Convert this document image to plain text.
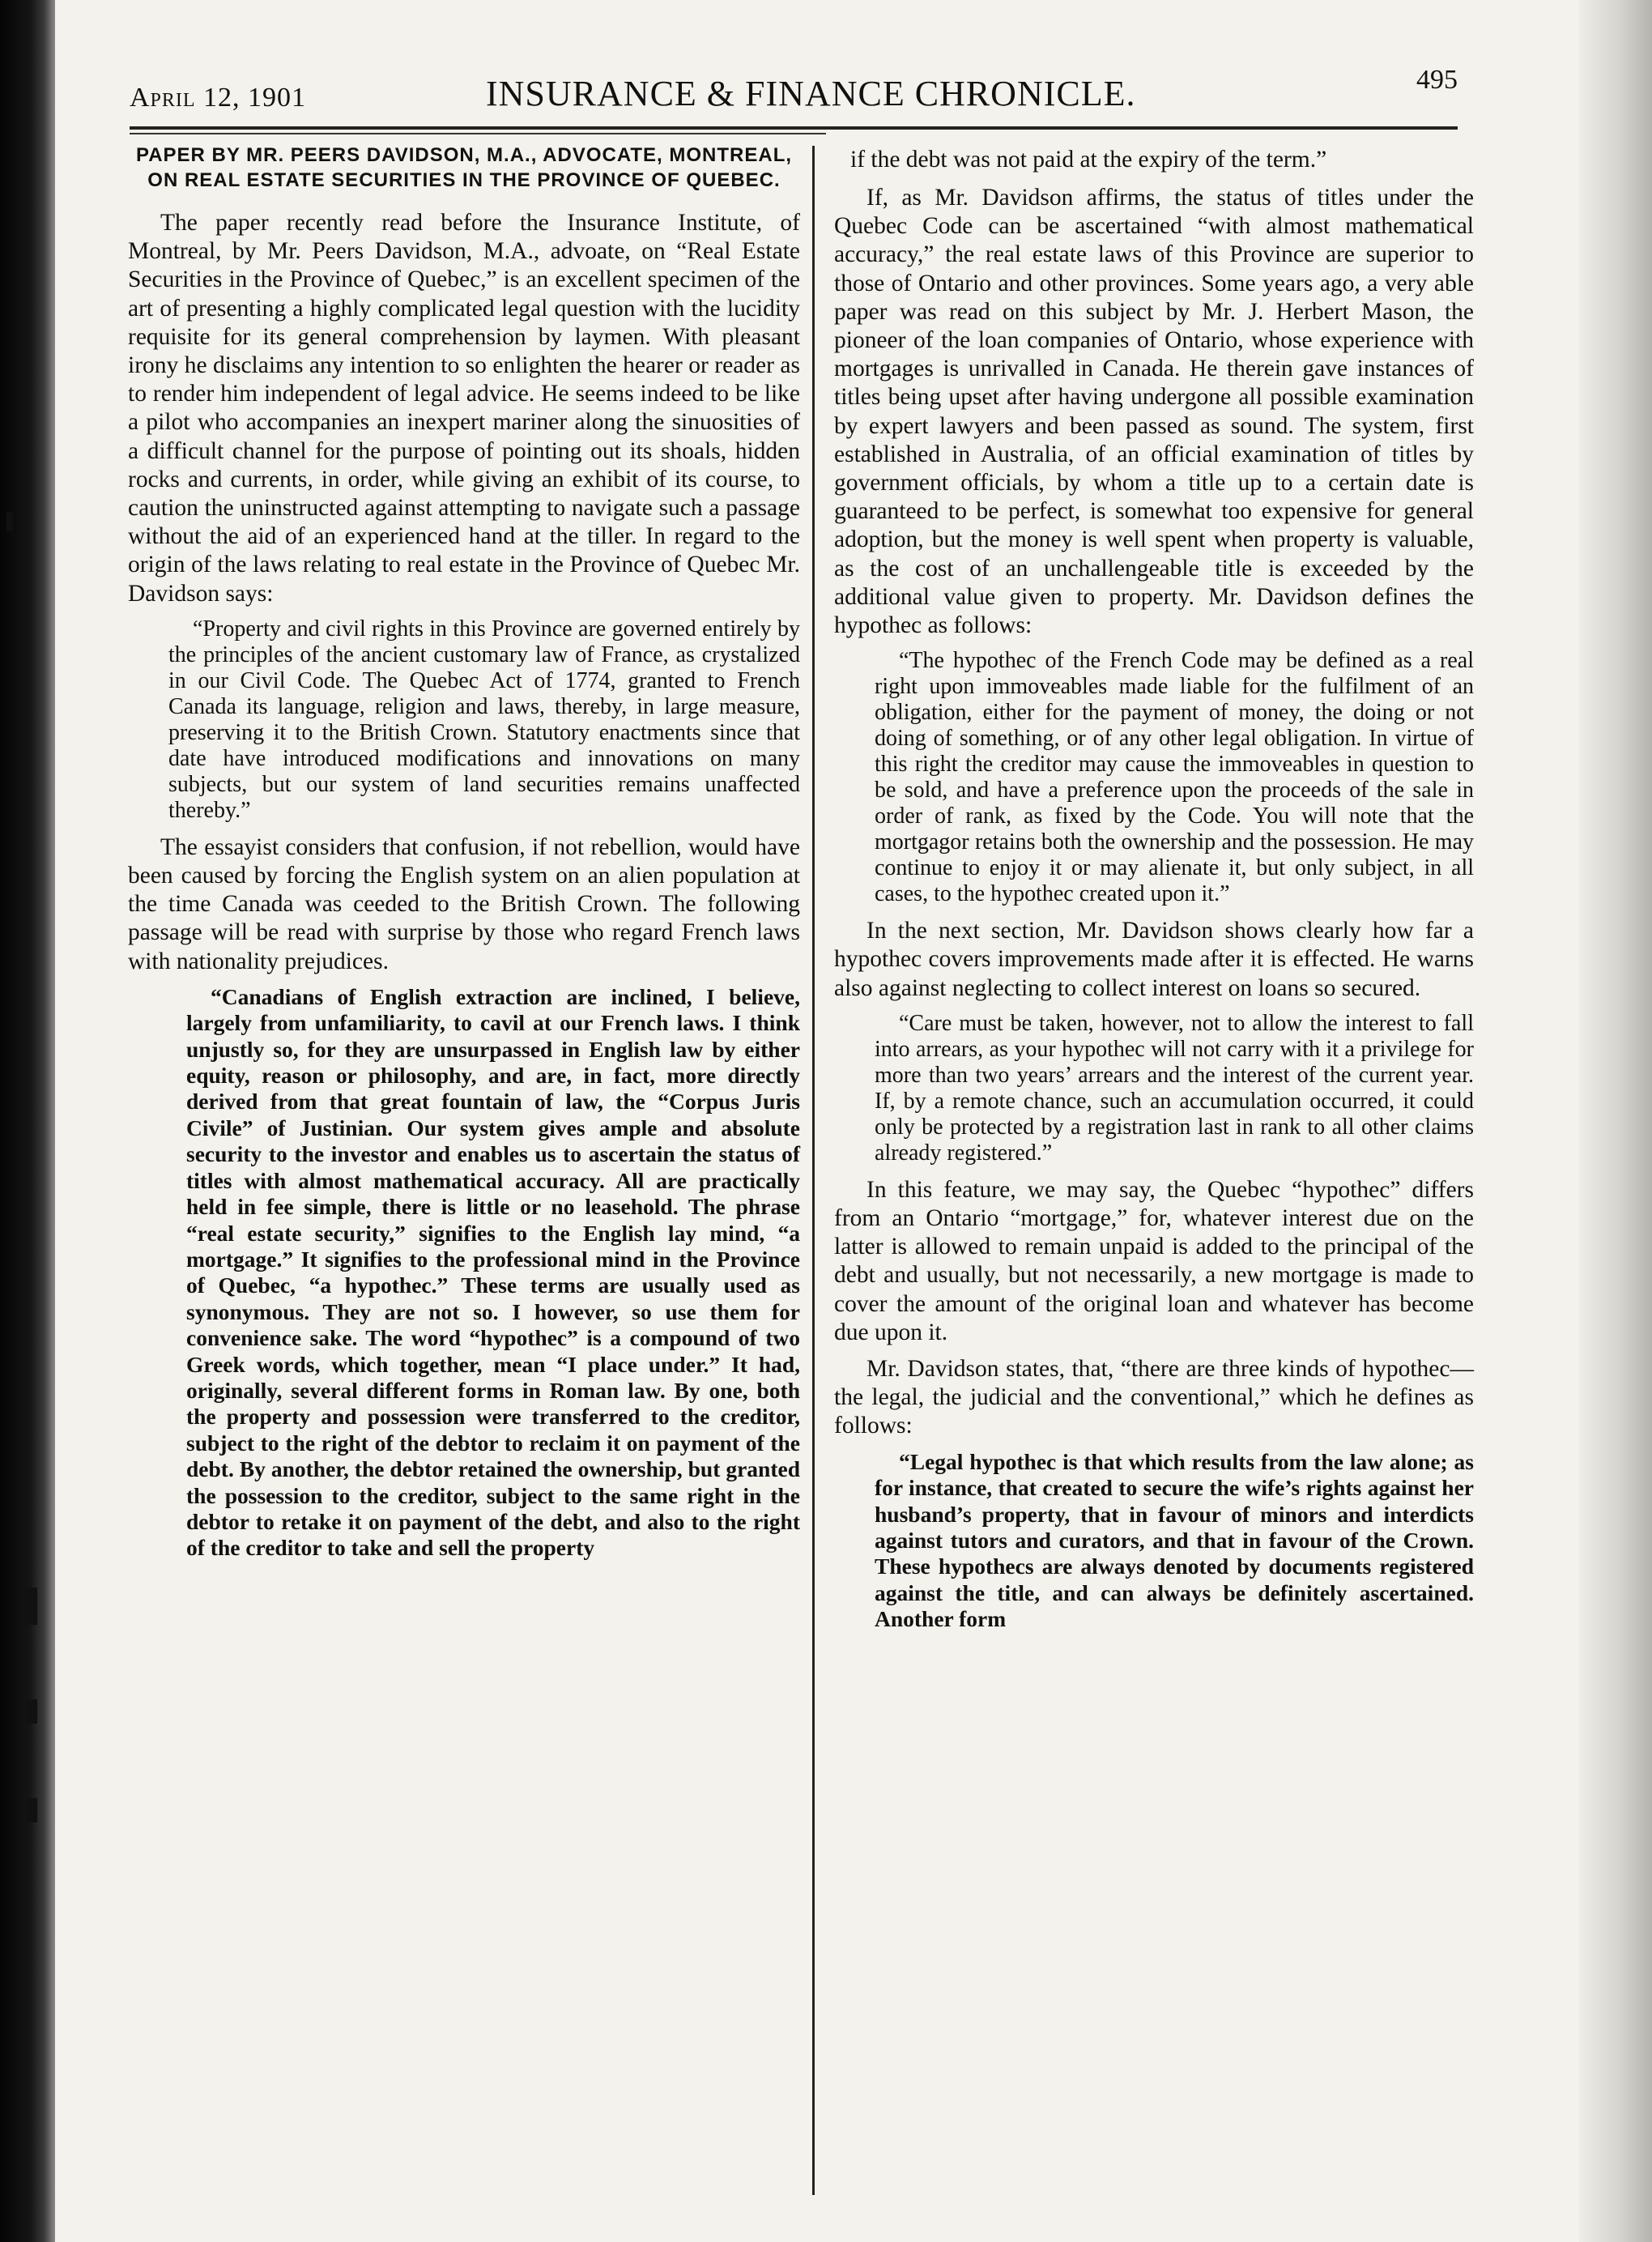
April 12, 1901	INSURANCE & FINANCE CHRONICLE.	495
PAPER BY MR. PEERS DAVIDSON, M.A., ADVOCATE, MONTREAL, ON REAL ESTATE SECURITIES IN THE PROVINCE OF QUEBEC.

The paper recently read before the Insurance Institute, of Montreal, by Mr. Peers Davidson, M.A., advoate, on “Real Estate Securities in the Province of Quebec,” is an excellent specimen of the art of presenting a highly complicated legal question with the lucidity requisite for its general comprehension by laymen. With pleasant irony he disclaims any intention to so enlighten the hearer or reader as to render him independent of legal advice. He seems indeed to be like a pilot who accompanies an inexpert mariner along the sinuosities of a difficult channel for the purpose of pointing out its shoals, hidden rocks and currents, in order, while giving an exhibit of its course, to caution the uninstructed against attempting to navigate such a passage without the aid of an experienced hand at the tiller. In regard to the origin of the laws relating to real estate in the Province of Quebec Mr. Davidson says:

“Property and civil rights in this Province are governed entirely by the principles of the ancient customary law of France, as crystalized in our Civil Code. The Quebec Act of 1774, granted to French Canada its language, religion and laws, thereby, in large measure, preserving it to the British Crown. Statutory enactments since that date have introduced modifications and innovations on many subjects, but our system of land securities remains unaffected thereby.”

The essayist considers that confusion, if not rebellion, would have been caused by forcing the English system on an alien population at the time Canada was ceeded to the British Crown. The following passage will be read with surprise by those who regard French laws with nationality prejudices.

“Canadians of English extraction are inclined, I believe, largely from unfamiliarity, to cavil at our French laws. I think unjustly so, for they are unsurpassed in English law by either equity, reason or philosophy, and are, in fact, more directly derived from that great fountain of law, the “Corpus Juris Civile” of Justinian. Our system gives ample and absolute security to the investor and enables us to ascertain the status of titles with almost mathematical accuracy. All are practically held in fee simple, there is little or no leasehold. The phrase “real estate security,” signifies to the English lay mind, “a mortgage.” It signifies to the professional mind in the Province of Quebec, “a hypothec.” These terms are usually used as synonymous. They are not so. I however, so use them for convenience sake. The word “hypothec” is a compound of two Greek words, which together, mean “I place under.” It had, originally, several different forms in Roman law. By one, both the property and possession were transferred to the creditor, subject to the right of the debtor to reclaim it on payment of the debt. By another, the debtor retained the ownership, but granted the possession to the creditor, subject to the same right in the debtor to retake it on payment of the debt, and also to the right of the creditor to take and sell the property
if the debt was not paid at the expiry of the term.”

If, as Mr. Davidson affirms, the status of titles under the Quebec Code can be ascertained “with almost mathematical accuracy,” the real estate laws of this Province are superior to those of Ontario and other provinces. Some years ago, a very able paper was read on this subject by Mr. J. Herbert Mason, the pioneer of the loan companies of Ontario, whose experience with mortgages is unrivalled in Canada. He therein gave instances of titles being upset after having undergone all possible examination by expert lawyers and been passed as sound. The system, first established in Australia, of an official examination of titles by government officials, by whom a title up to a certain date is guaranteed to be perfect, is somewhat too expensive for general adoption, but the money is well spent when property is valuable, as the cost of an unchallengeable title is exceeded by the additional value given to property. Mr. Davidson defines the hypothec as follows:

“The hypothec of the French Code may be defined as a real right upon immoveables made liable for the fulfilment of an obligation, either for the payment of money, the doing or not doing of something, or of any other legal obligation. In virtue of this right the creditor may cause the immoveables in question to be sold, and have a preference upon the proceeds of the sale in order of rank, as fixed by the Code. You will note that the mortgagor retains both the ownership and the possession. He may continue to enjoy it or may alienate it, but only subject, in all cases, to the hypothec created upon it.”

In the next section, Mr. Davidson shows clearly how far a hypothec covers improvements made after it is effected. He warns also against neglecting to collect interest on loans so secured.

“Care must be taken, however, not to allow the interest to fall into arrears, as your hypothec will not carry with it a privilege for more than two years’ arrears and the interest of the current year. If, by a remote chance, such an accumulation occurred, it could only be protected by a registration last in rank to all other claims already registered.”

In this feature, we may say, the Quebec “hypothec” differs from an Ontario “mortgage,” for, whatever interest due on the latter is allowed to remain unpaid is added to the principal of the debt and usually, but not necessarily, a new mortgage is made to cover the amount of the original loan and whatever has become due upon it.

Mr. Davidson states, that, “there are three kinds of hypothec—the legal, the judicial and the conventional,” which he defines as follows:

“Legal hypothec is that which results from the law alone; as for instance, that created to secure the wife’s rights against her husband’s property, that in favour of minors and interdicts against tutors and curators, and that in favour of the Crown. These hypothecs are always denoted by documents registered against the title, and can always be definitely ascertained. Another form
